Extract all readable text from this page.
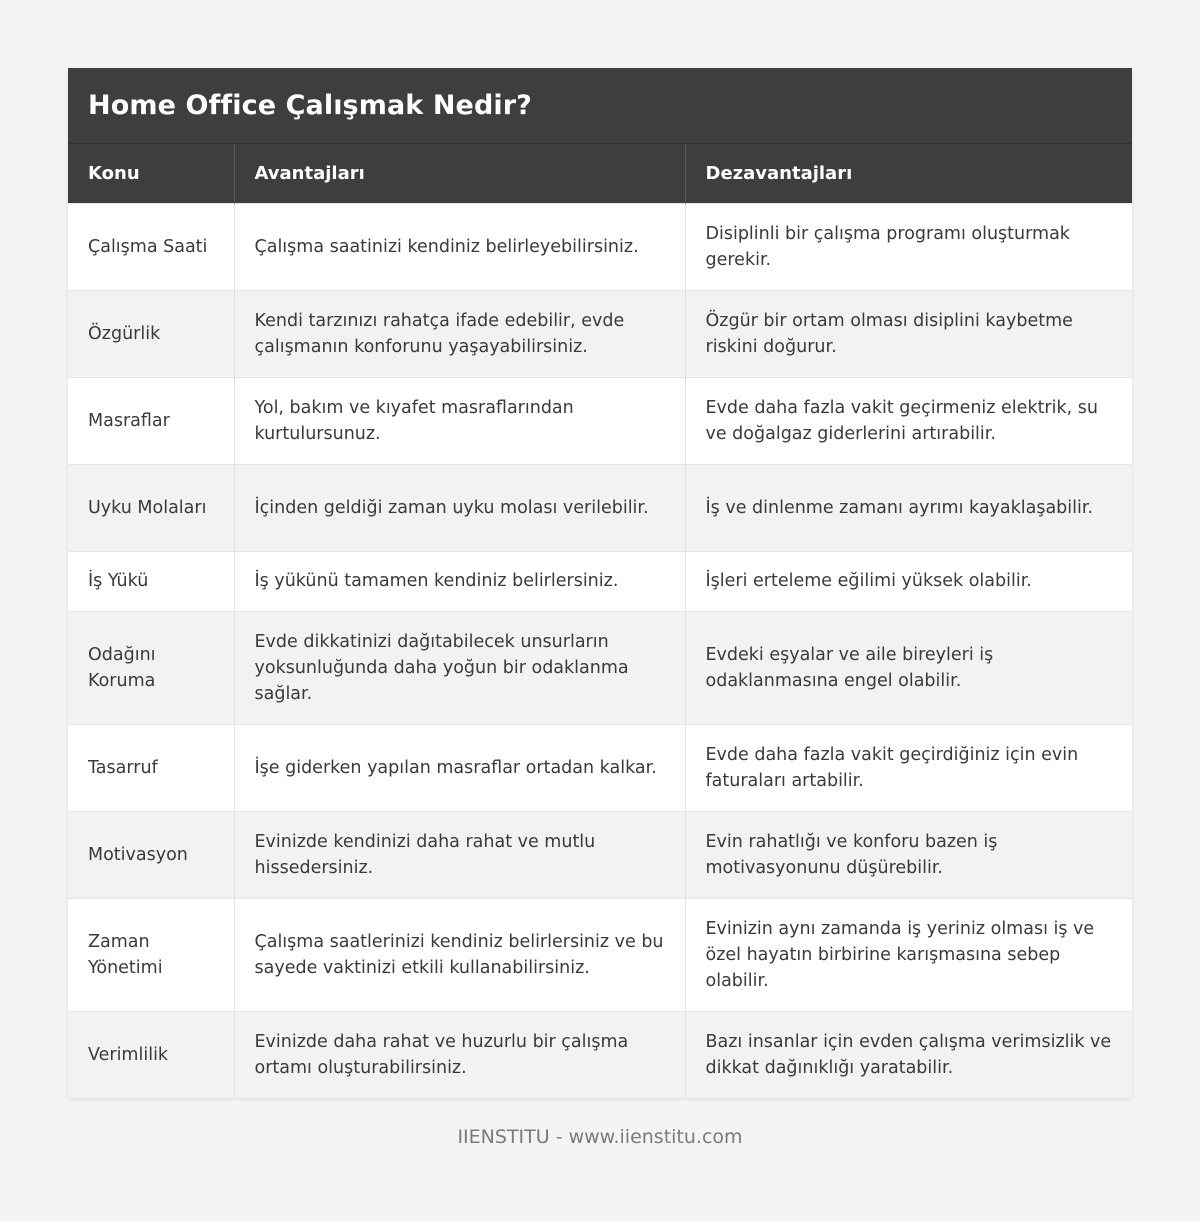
Home Office Çalışmak Nedir?
Konu	Avantajları	Dezavantajları
Çalışma Saati	Çalışma saatinizi kendiniz belirleyebilirsiniz.	Disiplinli bir çalışma programı oluşturmak gerekir.
Özgürlik	Kendi tarzınızı rahatça ifade edebilir, evde çalışmanın konforunu yaşayabilirsiniz.	Özgür bir ortam olması disiplini kaybetme riskini doğurur.
Masraflar	Yol, bakım ve kıyafet masraflarından kurtulursunuz.	Evde daha fazla vakit geçirmeniz elektrik, su ve doğalgaz giderlerini artırabilir.
Uyku Molaları	İçinden geldiği zaman uyku molası verilebilir.	İş ve dinlenme zamanı ayrımı kayaklaşabilir.
İş Yükü	İş yükünü tamamen kendiniz belirlersiniz.	İşleri erteleme eğilimi yüksek olabilir.
Odağını Koruma	Evde dikkatinizi dağıtabilecek unsurların yoksunluğunda daha yoğun bir odaklanma sağlar.	Evdeki eşyalar ve aile bireyleri iş odaklanmasına engel olabilir.
Tasarruf	İşe giderken yapılan masraflar ortadan kalkar.	Evde daha fazla vakit geçirdiğiniz için evin faturaları artabilir.
Motivasyon	Evinizde kendinizi daha rahat ve mutlu hissedersiniz.	Evin rahatlığı ve konforu bazen iş motivasyonunu düşürebilir.
Zaman Yönetimi	Çalışma saatlerinizi kendiniz belirlersiniz ve bu sayede vaktinizi etkili kullanabilirsiniz.	Evinizin aynı zamanda iş yeriniz olması iş ve özel hayatın birbirine karışmasına sebep olabilir.
Verimlilik	Evinizde daha rahat ve huzurlu bir çalışma ortamı oluşturabilirsiniz.	Bazı insanlar için evden çalışma verimsizlik ve dikkat dağınıklığı yaratabilir.
IIENSTITU - www.iienstitu.com
